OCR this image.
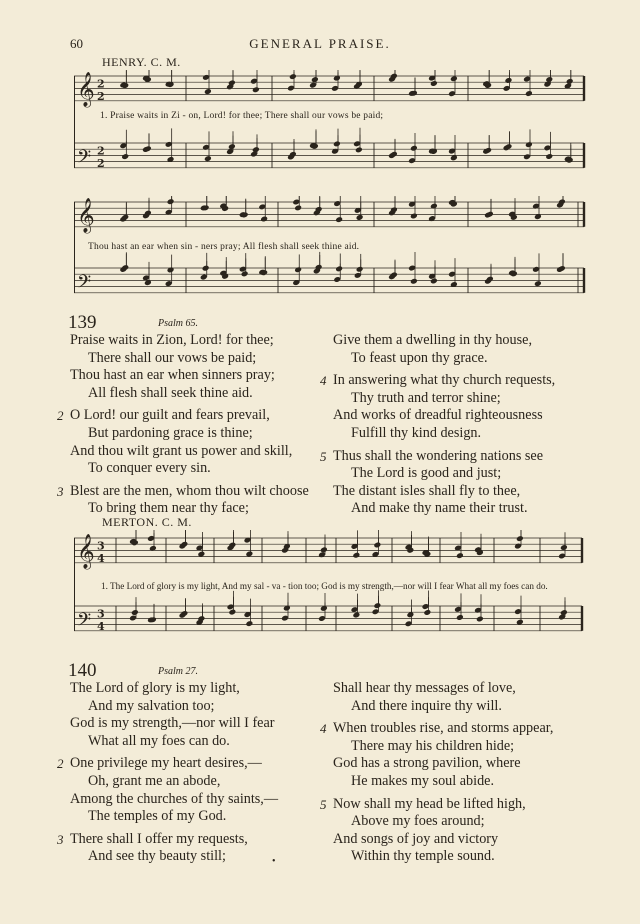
60	GENERAL PRAISE.
HENRY. C. M.
𝄞 2
2
𝄢 2
2
1. Praise waits in Zi - on, Lord! for thee; There shall our vows be paid;
𝄞
𝄢
Thou hast an ear when sin - ners pray; All flesh shall seek thine aid.
139	Psalm 65.
Praise waits in Zion, Lord! for thee;
There shall our vows be paid;
Thou hast an ear when sinners pray;
All flesh shall seek thine aid.
2 O Lord! our guilt and fears prevail,
But pardoning grace is thine;
And thou wilt grant us power and skill,
To conquer every sin.
3 Blest are the men, whom thou wilt choose
To bring them near thy face;
Give them a dwelling in thy house,
To feast upon thy grace.
4 In answering what thy church requests,
Thy truth and terror shine;
And works of dreadful righteousness
Fulfill thy kind design.
5 Thus shall the wondering nations see
The Lord is good and just;
The distant isles shall fly to thee,
And make thy name their trust.
MERTON. C. M.
𝄞 3
4
𝄢 3
4
1. The Lord of glory is my light, And my sal - va - tion too; God is my strength,—nor will I fear What all my foes can do.
140	Psalm 27.
The Lord of glory is my light,
And my salvation too;
God is my strength,—nor will I fear
What all my foes can do.
2 One privilege my heart desires,—
Oh, grant me an abode,
Among the churches of thy saints,—
The temples of my God.
3 There shall I offer my requests,
And see thy beauty still;
Shall hear thy messages of love,
And there inquire thy will.
4 When troubles rise, and storms appear,
There may his children hide;
God has a strong pavilion, where
He makes my soul abide.
5 Now shall my head be lifted high,
Above my foes around;
And songs of joy and victory
Within thy temple sound.
•
